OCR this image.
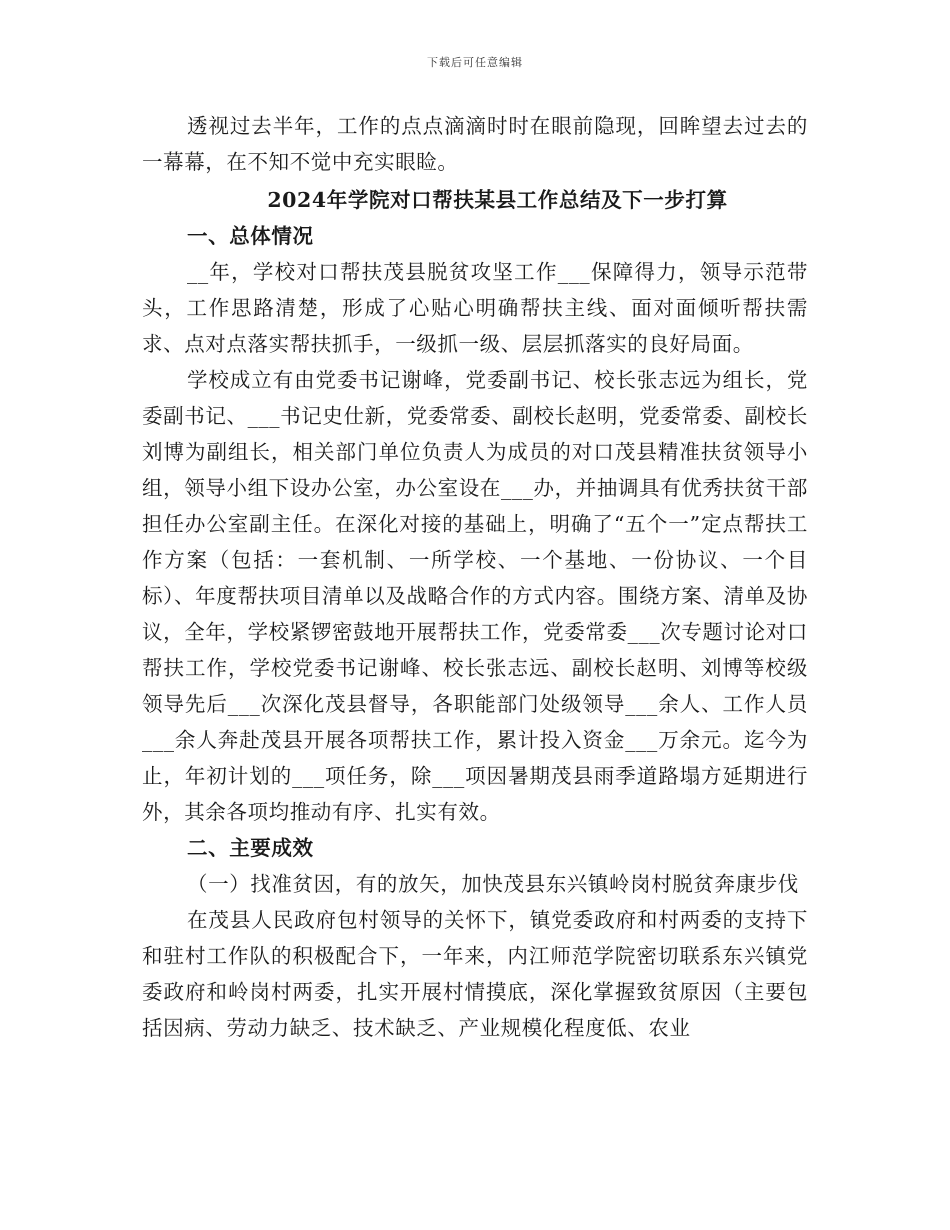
下载后可任意编辑

透视过去半年，工作的点点滴滴时时在眼前隐现，回眸望去过去的一幕幕，在不知不觉中充实眼睑。

2024年学院对口帮扶某县工作总结及下一步打算

一、总体情况

__年，学校对口帮扶茂县脱贫攻坚工作___保障得力，领导示范带头，工作思路清楚，形成了心贴心明确帮扶主线、面对面倾听帮扶需求、点对点落实帮扶抓手，一级抓一级、层层抓落实的良好局面。

学校成立有由党委书记谢峰，党委副书记、校长张志远为组长，党委副书记、___书记史仕新，党委常委、副校长赵明，党委常委、副校长刘博为副组长，相关部门单位负责人为成员的对口茂县精准扶贫领导小组，领导小组下设办公室，办公室设在___办，并抽调具有优秀扶贫干部担任办公室副主任。在深化对接的基础上，明确了“五个一”定点帮扶工作方案（包括：一套机制、一所学校、一个基地、一份协议、一个目标）、年度帮扶项目清单以及战略合作的方式内容。围绕方案、清单及协议，全年，学校紧锣密鼓地开展帮扶工作，党委常委___次专题讨论对口帮扶工作，学校党委书记谢峰、校长张志远、副校长赵明、刘博等校级领导先后___次深化茂县督导，各职能部门处级领导___余人、工作人员___余人奔赴茂县开展各项帮扶工作，累计投入资金___万余元。迄今为止，年初计划的___项任务，除___项因暑期茂县雨季道路塌方延期进行外，其余各项均推动有序、扎实有效。

二、主要成效

（一）找准贫因，有的放矢，加快茂县东兴镇岭岗村脱贫奔康步伐

在茂县人民政府包村领导的关怀下，镇党委政府和村两委的支持下和驻村工作队的积极配合下，一年来，内江师范学院密切联系东兴镇党委政府和岭岗村两委，扎实开展村情摸底，深化掌握致贫原因（主要包括因病、劳动力缺乏、技术缺乏、产业规模化程度低、农业
